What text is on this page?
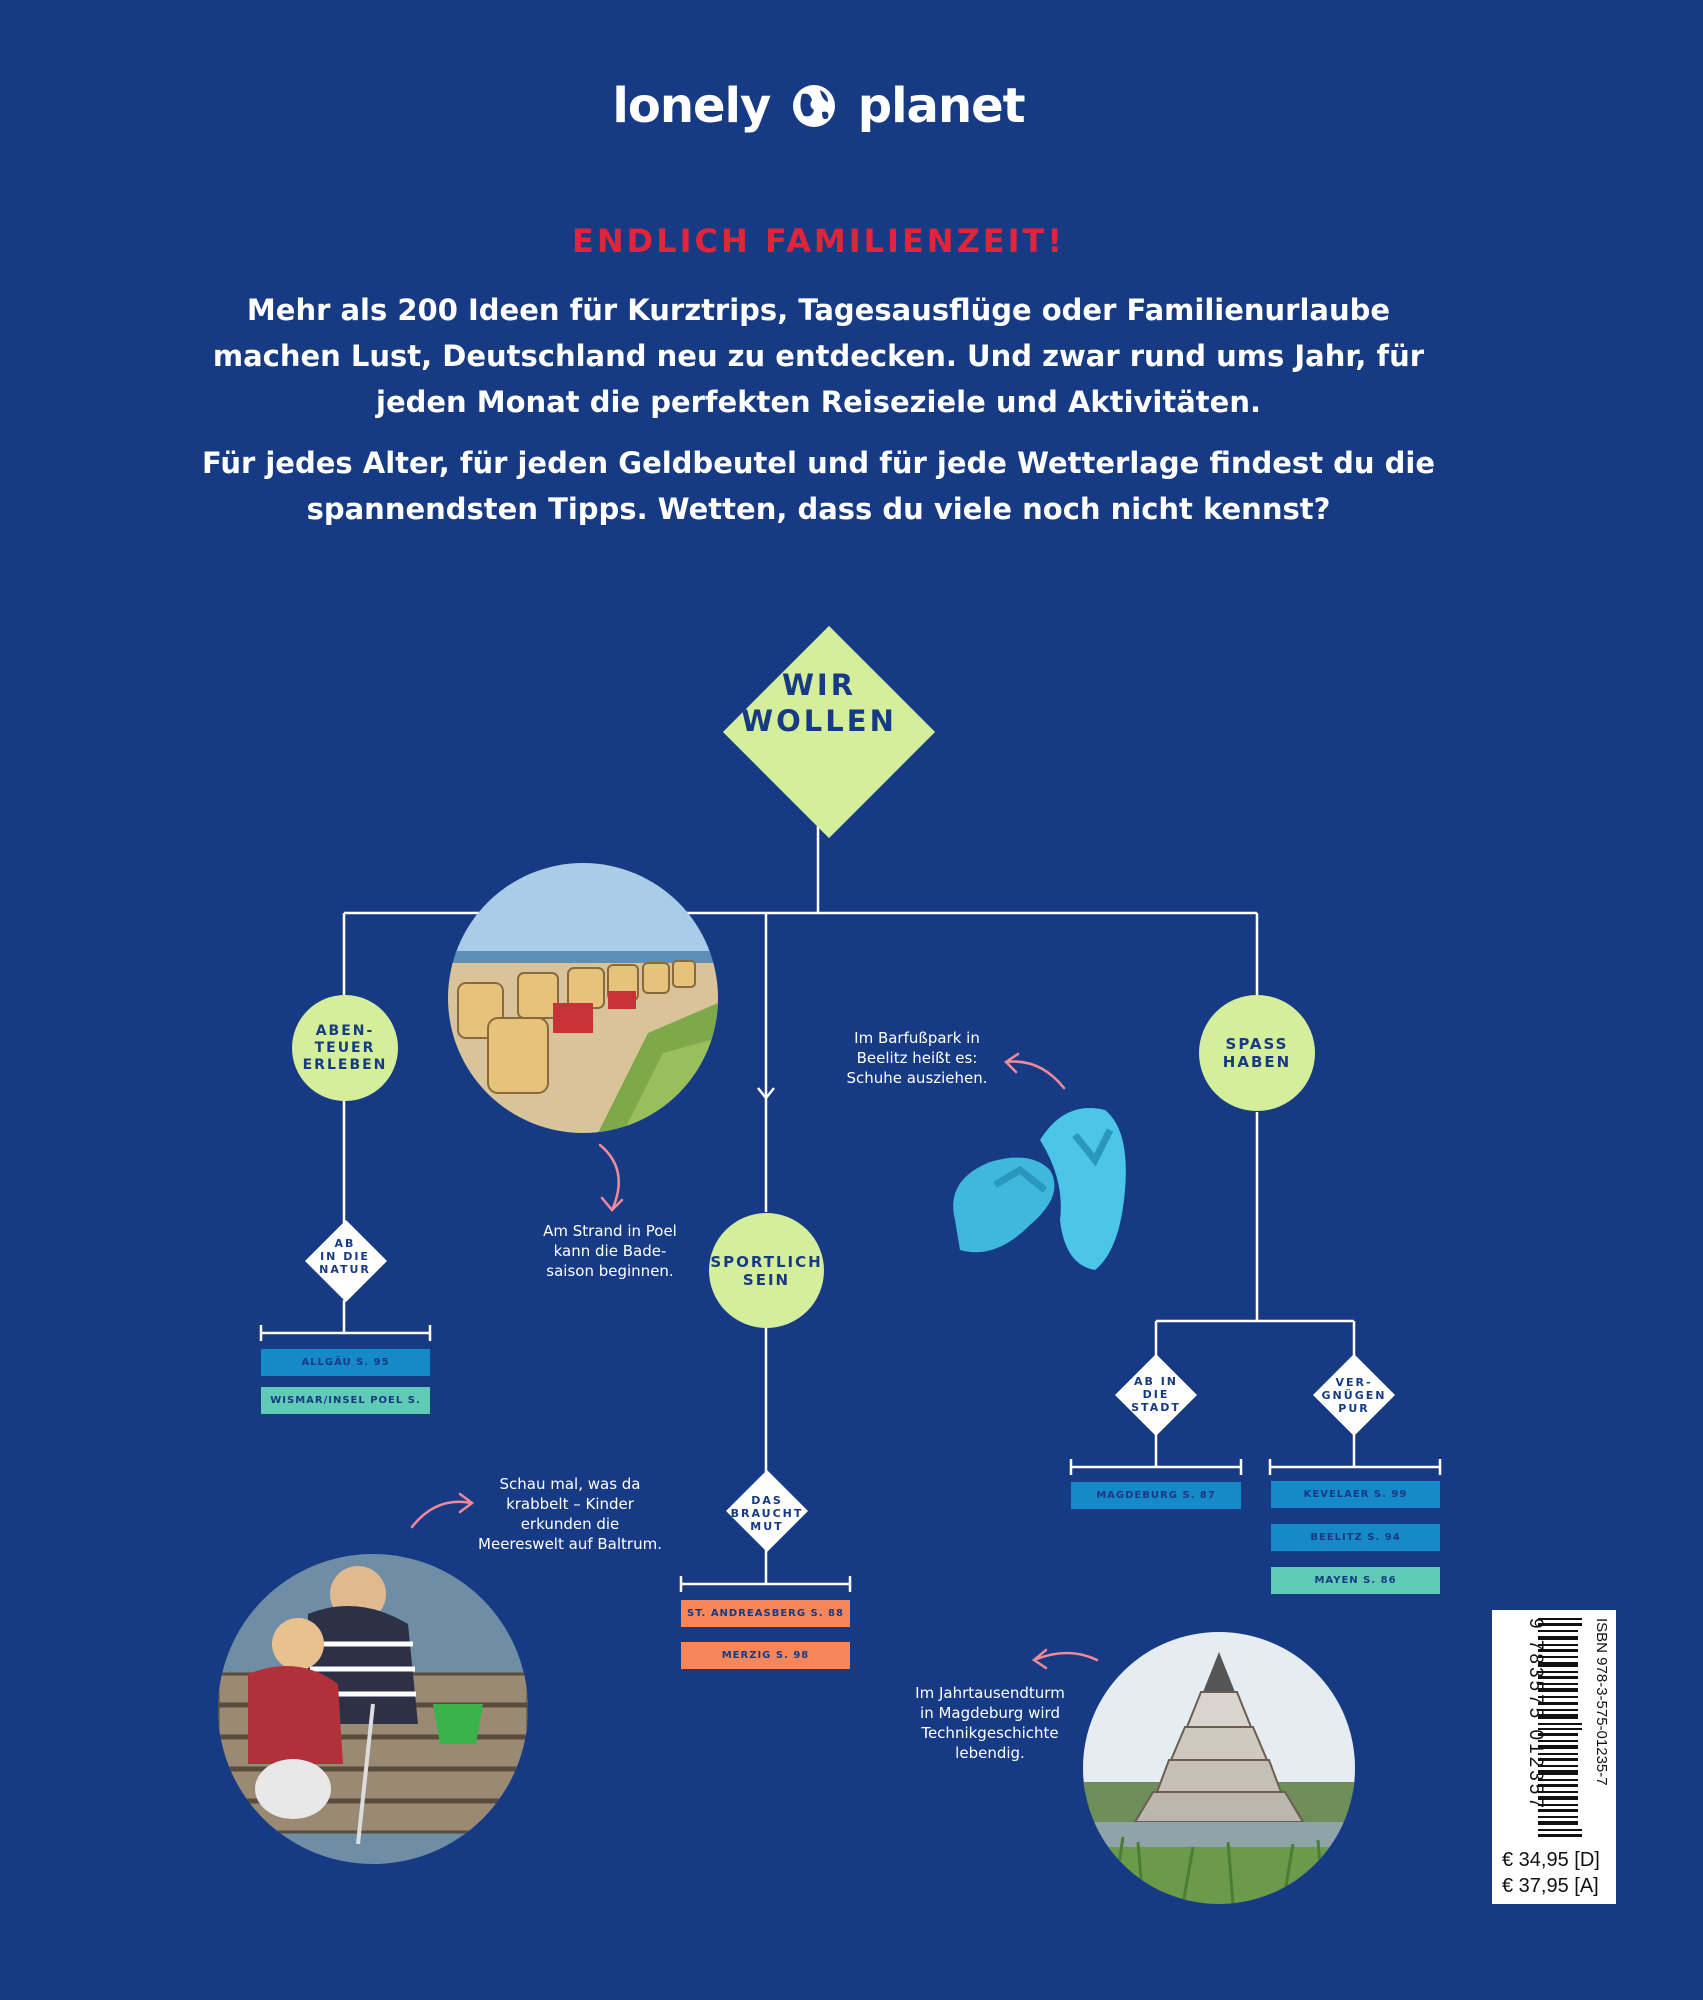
lonely planet
ENDLICH FAMILIENZEIT!
Mehr als 200 Ideen für Kurztrips, Tagesausflüge oder Familienurlaube machen Lust, Deutschland neu zu entdecken. Und zwar rund ums Jahr, für jeden Monat die perfekten Reiseziele und Aktivitäten.
Für jedes Alter, für jeden Geldbeutel und für jede Wetterlage findest du die spannendsten Tipps. Wetten, dass du viele noch nicht kennst?
WIR
WOLLEN
ABEN-
TEUER
ERLEBEN
SPORTLICH
SEIN
SPASS
HABEN
AB
IN DIE
NATUR
DAS
BRAUCHT
MUT
AB IN
DIE
STADT
VER-
GNÜGEN
PUR
ALLGÄU S. 95
WISMAR/INSEL POEL S. 86
ST. ANDREASBERG S. 88
MERZIG S. 98
MAGDEBURG S. 87	KEVELAER S. 99
BEELITZ S. 94
MAYEN S. 86
Am Strand in Poel kann die Bade- saison beginnen.
Im Barfußpark in Beelitz heißt es: Schuhe ausziehen.
Schau mal, was da krabbelt – Kinder erkunden die Meereswelt auf Baltrum.
Im Jahrtausendturm in Magdeburg wird Technikgeschichte lebendig.	ISBN 978-3-575-01235-7
9 783575 012357
€ 34,95 [D]
€ 37,95 [A]
